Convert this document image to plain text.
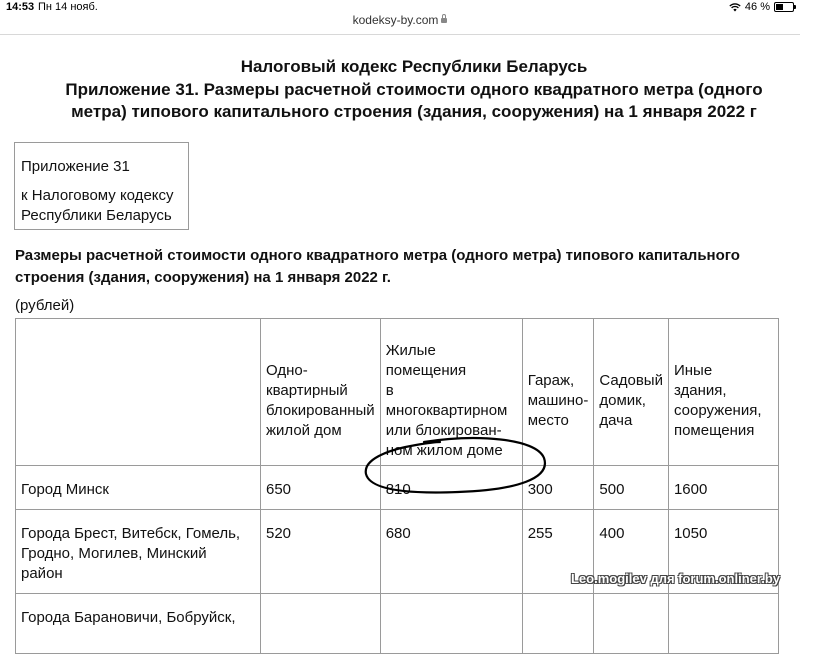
14:53 Пн 14 нояб.	46 %
kodeksy-by.com
Налоговый кодекс Республики Беларусь
Приложение 31. Размеры расчетной стоимости одного квадратного метра (одного
метра) типового капитального строения (здания, сооружения) на 1 января 2022 г
Приложение 31
к Налоговому кодексу
Республики Беларусь
Размеры расчетной стоимости одного квадратного метра (одного метра) типового капитального
строения (здания, сооружения) на 1 января 2022 г.
(рублей)

	Одно-
квартирный
блокированный
жилой дом	Жилые
помещения
в многоквартирном
или блокирован-
ном жилом доме	Гараж,
машино-
место	Садовый
домик,
дача	Иные
здания,
сооружения,
помещения

Город Минск	650	810	300	500	1600

Города Брест, Витебск, Гомель,
Гродно, Могилев, Минский
район	520	680	255	400	1050

Города Барановичи, Бобруйск,					

Leo.mogilev для forum.onliner.by
